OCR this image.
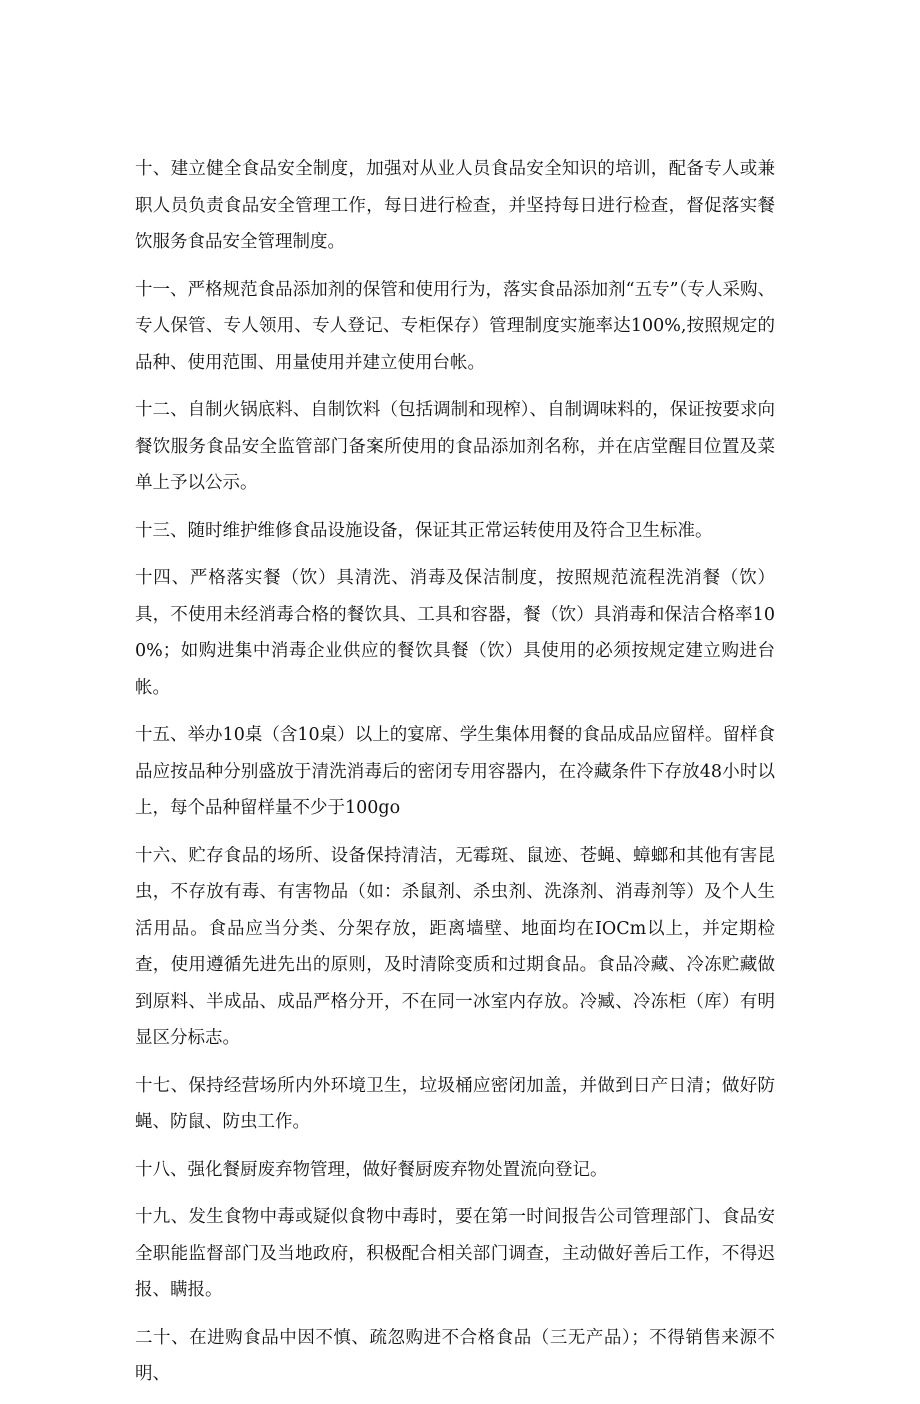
十、建立健全食品安全制度，加强对从业人员食品安全知识的培训，配备专人或兼职人员负责食品安全管理工作，每日进行检查，并坚持每日进行检查，督促落实餐饮服务食品安全管理制度。

十一、严格规范食品添加剂的保管和使用行为，落实食品添加剂“五专”（专人采购、专人保管、专人领用、专人登记、专柜保存）管理制度实施率达100%,按照规定的品种、使用范围、用量使用并建立使用台帐。

十二、自制火锅底料、自制饮料（包括调制和现榨）、自制调味料的，保证按要求向餐饮服务食品安全监管部门备案所使用的食品添加剂名称，并在店堂醒目位置及菜单上予以公示。

十三、随时维护维修食品设施设备，保证其正常运转使用及符合卫生标准。

十四、严格落实餐（饮）具清洗、消毒及保洁制度，按照规范流程洗消餐（饮）具，不使用未经消毒合格的餐饮具、工具和容器，餐（饮）具消毒和保洁合格率100%；如购进集中消毒企业供应的餐饮具餐（饮）具使用的必须按规定建立购进台帐。

十五、举办10桌（含10桌）以上的宴席、学生集体用餐的食品成品应留样。留样食品应按品种分别盛放于清洗消毒后的密闭专用容器内，在冷藏条件下存放48小时以上，每个品种留样量不少于100go

十六、贮存食品的场所、设备保持清洁，无霉斑、鼠迹、苍蝇、蟑螂和其他有害昆虫，不存放有毒、有害物品（如：杀鼠剂、杀虫剂、洗涤剂、消毒剂等）及个人生活用品。食品应当分类、分架存放，距离墙壁、地面均在IOCm以上，并定期检查，使用遵循先进先出的原则，及时清除变质和过期食品。食品冷藏、冷冻贮藏做到原料、半成品、成品严格分开，不在同一冰室内存放。冷臧、冷冻柜（库）有明显区分标志。

十七、保持经营场所内外环境卫生，垃圾桶应密闭加盖，并做到日产日清；做好防蝇、防鼠、防虫工作。

十八、强化餐厨废弃物管理，做好餐厨废弃物处置流向登记。

十九、发生食物中毒或疑似食物中毒时，要在第一时间报告公司管理部门、食品安全职能监督部门及当地政府，积极配合相关部门调查，主动做好善后工作，不得迟报、瞒报。

二十、在进购食品中因不慎、疏忽购进不合格食品（三无产品）；不得销售来源不明、
